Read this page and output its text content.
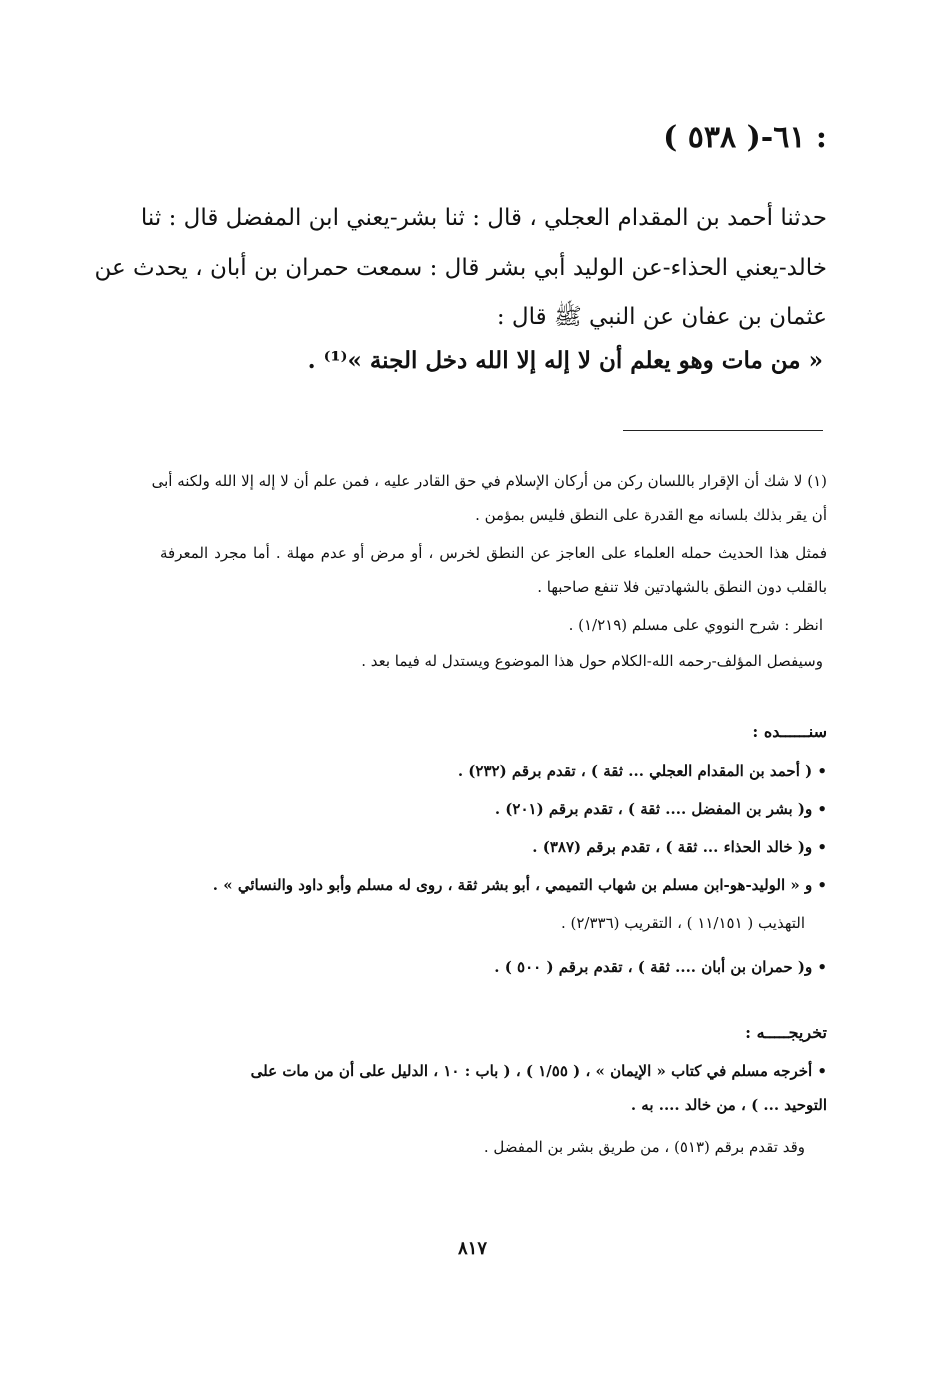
٦١-( ٥٣٨ ) :
حدثنا أحمد بن المقدام العجلي ، قال : ثنا بشر-يعني ابن المفضل قال : ثنا
خالد-يعني الحذاء-عن الوليد أبي بشر قال : سمعت حمران بن أبان ، يحدث عن
عثمان بن عفان عن النبي ﷺ قال :
« من مات وهو يعلم أن لا إله إلا الله دخل الجنة »⁽¹⁾ .
(١) لا شك أن الإقرار باللسان ركن من أركان الإسلام في حق القادر عليه ، فمن علم أن لا إله إلا الله ولكنه أبى
أن يقر بذلك بلسانه مع القدرة على النطق فليس بمؤمن .
فمثل هذا الحديث حمله العلماء على العاجز عن النطق لخرس ، أو مرض أو عدم مهلة . أما مجرد المعرفة
بالقلب دون النطق بالشهادتين فلا تنفع صاحبها .
انظر : شرح النووي على مسلم (١/٢١٩) .
وسيفصل المؤلف-رحمه الله-الكلام حول هذا الموضوع ويستدل له فيما بعد .
سنــــــده :
• ( أحمد بن المقدام العجلي ... ثقة ) ، تقدم برقم (٢٣٢) .
• و( بشر بن المفضل .... ثقة ) ، تقدم برقم (٢٠١) .
• و( خالد الحذاء ... ثقة ) ، تقدم برقم (٣٨٧) .
• و « الوليد-هو-ابن مسلم بن شهاب التميمي ، أبو بشر ثقة ، روى له مسلم وأبو داود والنسائي » .
التهذيب ( ١١/١٥١ ) ، التقريب (٢/٣٣٦) .
• و( حمران بن أبان .... ثقة ) ، تقدم برقم ( ٥٠٠ ) .
تخريجـــــه :
• أخرجه مسلم في كتاب « الإيمان » ، ( ١/٥٥ ) ، ( باب : ١٠ ، الدليل على أن من مات على
التوحيد ... ) ، من خالد .... به .
وقد تقدم برقم (٥١٣) ، من طريق بشر بن المفضل .
٨١٧
